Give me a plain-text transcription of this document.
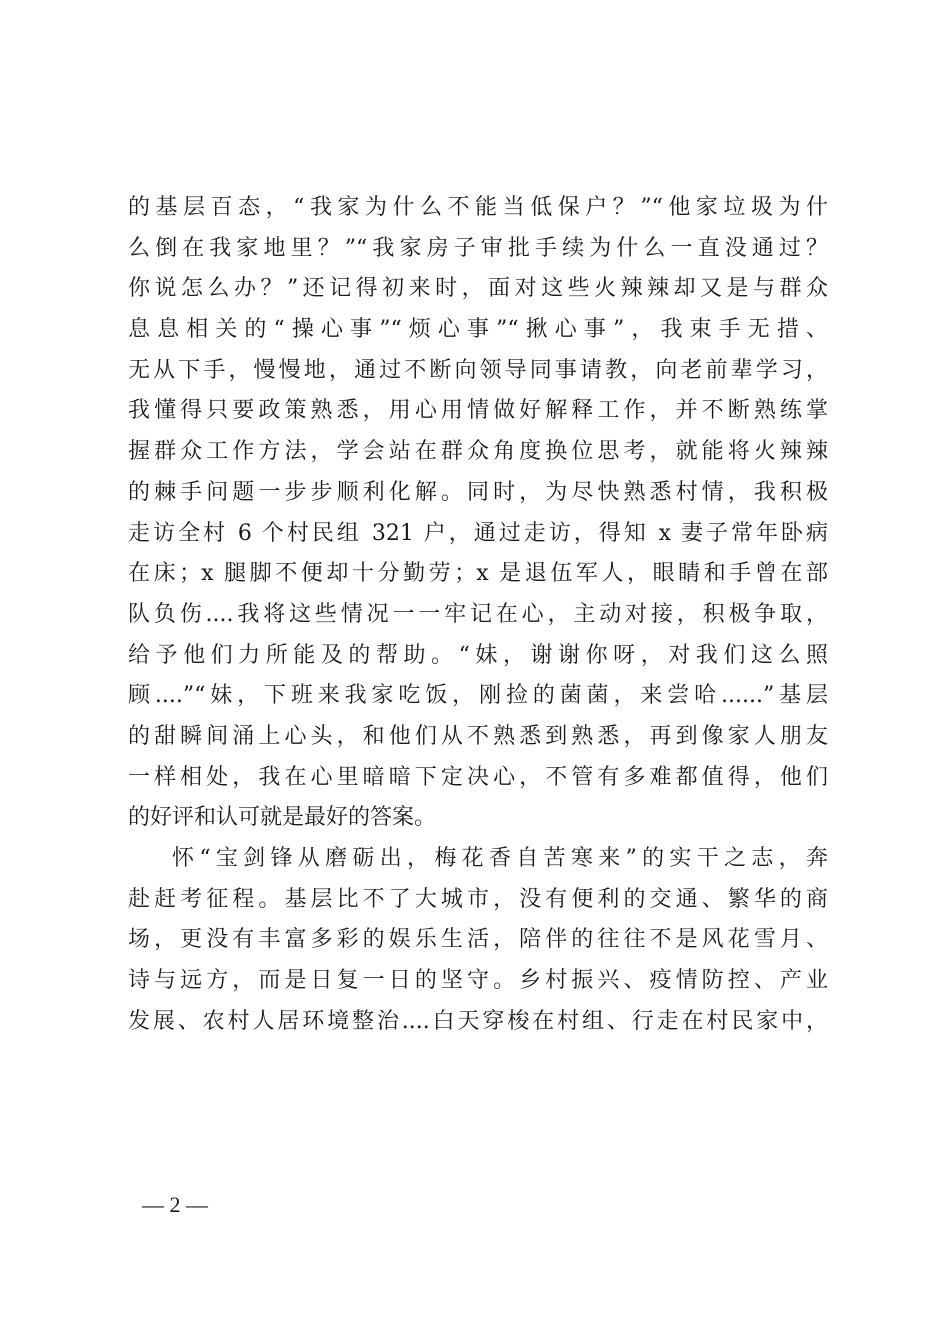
的基层百态，“我家为什么不能当低保户？”“他家垃圾为什
么倒在我家地里？”“我家房子审批手续为什么一直没通过？
你说怎么办？”还记得初来时，面对这些火辣辣却又是与群众
息息相关的“操心事”“烦心事”“揪心事”，我束手无措、
无从下手，慢慢地，通过不断向领导同事请教，向老前辈学习，
我懂得只要政策熟悉，用心用情做好解释工作，并不断熟练掌
握群众工作方法，学会站在群众角度换位思考，就能将火辣辣
的棘手问题一步步顺利化解。同时，为尽快熟悉村情，我积极
走访全村 6 个村民组 321 户，通过走访，得知 x 妻子常年卧病
在床；x 腿脚不便却十分勤劳；x 是退伍军人，眼睛和手曾在部
队负伤....我将这些情况一一牢记在心，主动对接，积极争取，
给予他们力所能及的帮助。“妹，谢谢你呀，对我们这么照
顾....”“妹，下班来我家吃饭，刚捡的菌菌，来尝哈......”基层
的甜瞬间涌上心头，和他们从不熟悉到熟悉，再到像家人朋友
一样相处，我在心里暗暗下定决心，不管有多难都值得，他们
的好评和认可就是最好的答案。
怀“宝剑锋从磨砺出，梅花香自苦寒来”的实干之志，奔
赴赶考征程。基层比不了大城市，没有便利的交通、繁华的商
场，更没有丰富多彩的娱乐生活，陪伴的往往不是风花雪月、
诗与远方，而是日复一日的坚守。乡村振兴、疫情防控、产业
发展、农村人居环境整治....白天穿梭在村组、行走在村民家中，
— 2 —
